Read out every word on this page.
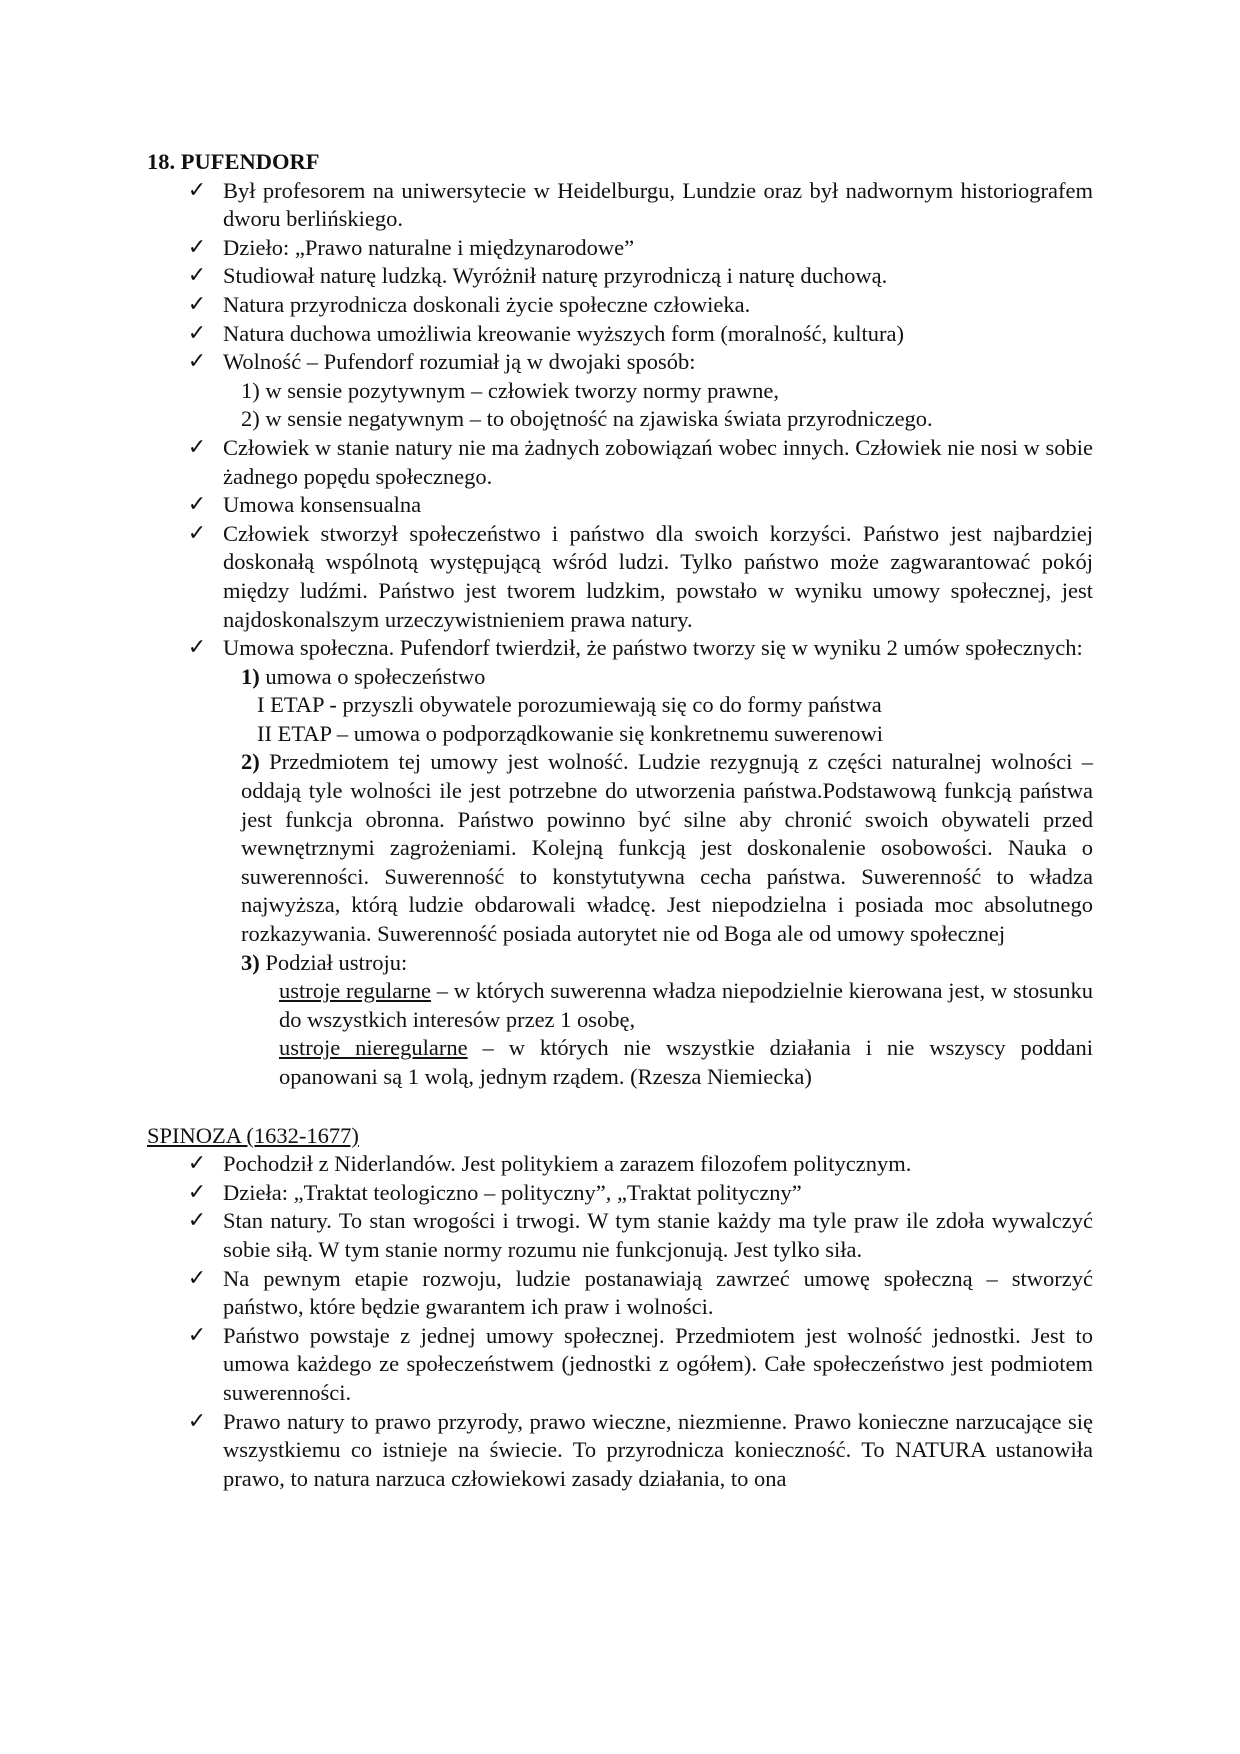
18. PUFENDORF

✓ Był profesorem na uniwersytecie w Heidelburgu, Lundzie oraz był nadwornym historiografem dworu berlińskiego.
✓ Dzieło: „Prawo naturalne i międzynarodowe”
✓ Studiował naturę ludzką. Wyróżnił naturę przyrodniczą i naturę duchową.
✓ Natura przyrodnicza doskonali życie społeczne człowieka.
✓ Natura duchowa umożliwia kreowanie wyższych form (moralność, kultura)
✓ Wolność – Pufendorf rozumiał ją w dwojaki sposób:
1) w sensie pozytywnym – człowiek tworzy normy prawne,
2) w sensie negatywnym – to obojętność na zjawiska świata przyrodniczego.
✓ Człowiek w stanie natury nie ma żadnych zobowiązań wobec innych. Człowiek nie nosi w sobie żadnego popędu społecznego.
✓ Umowa konsensualna
✓ Człowiek stworzył społeczeństwo i państwo dla swoich korzyści. Państwo jest najbardziej doskonałą wspólnotą występującą wśród ludzi. Tylko państwo może zagwarantować pokój między ludźmi. Państwo jest tworem ludzkim, powstało w wyniku umowy społecznej, jest najdoskonalszym urzeczywistnieniem prawa natury.
✓ Umowa społeczna. Pufendorf twierdził, że państwo tworzy się w wyniku 2 umów społecznych:
1) umowa o społeczeństwo
I ETAP - przyszli obywatele porozumiewają się co do formy państwa
II ETAP – umowa o podporządkowanie się konkretnemu suwerenowi
2) Przedmiotem tej umowy jest wolność. Ludzie rezygnują z części naturalnej wolności – oddają tyle wolności ile jest potrzebne do utworzenia państwa.Podstawową funkcją państwa jest funkcja obronna. Państwo powinno być silne aby chronić swoich obywateli przed wewnętrznymi zagrożeniami. Kolejną funkcją jest doskonalenie osobowości. Nauka o suwerenności. Suwerenność to konstytutywna cecha państwa. Suwerenność to władza najwyższa, którą ludzie obdarowali władcę. Jest niepodzielna i posiada moc absolutnego rozkazywania. Suwerenność posiada autorytet nie od Boga ale od umowy społecznej
3) Podział ustroju:
ustroje regularne – w których suwerenna władza niepodzielnie kierowana jest, w stosunku do wszystkich interesów przez 1 osobę,
ustroje nieregularne – w których nie wszystkie działania i nie wszyscy poddani opanowani są 1 wolą, jednym rządem. (Rzesza Niemiecka)

SPINOZA (1632-1677)

✓ Pochodził z Niderlandów. Jest politykiem a zarazem filozofem politycznym.
✓ Dzieła: „Traktat teologiczno – polityczny”, „Traktat polityczny”
✓ Stan natury. To stan wrogości i trwogi. W tym stanie każdy ma tyle praw ile zdoła wywalczyć sobie siłą. W tym stanie normy rozumu nie funkcjonują. Jest tylko siła.
✓ Na pewnym etapie rozwoju, ludzie postanawiają zawrzeć umowę społeczną – stworzyć państwo, które będzie gwarantem ich praw i wolności.
✓ Państwo powstaje z jednej umowy społecznej. Przedmiotem jest wolność jednostki. Jest to umowa każdego ze społeczeństwem (jednostki z ogółem). Całe społeczeństwo jest podmiotem suwerenności.
✓ Prawo natury to prawo przyrody, prawo wieczne, niezmienne. Prawo konieczne narzucające się wszystkiemu co istnieje na świecie. To przyrodnicza konieczność. To NATURA ustanowiła prawo, to natura narzuca człowiekowi zasady działania, to ona
